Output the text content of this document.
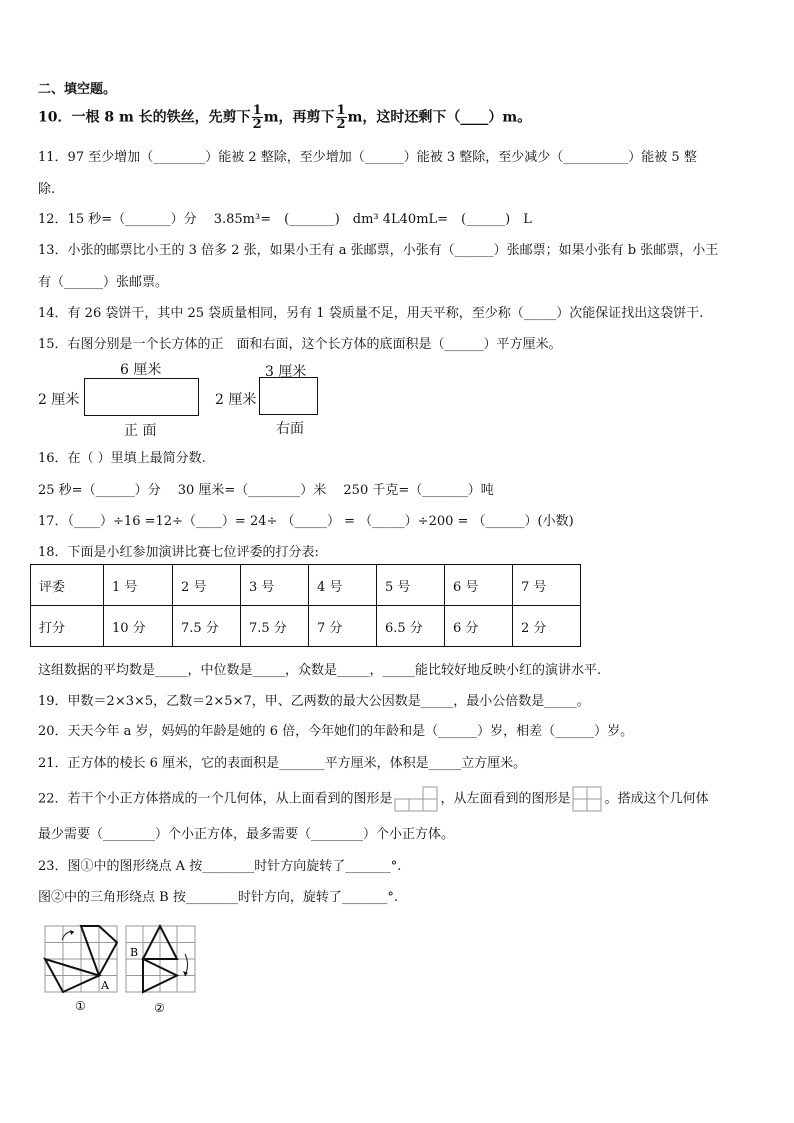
二、填空题。
10．一根 8 m 长的铁丝，先剪下 $\frac{1}{2}$ m，再剪下 $\frac{1}{2}$ m，这时还剩下（____）m。
11．97 至少增加（________）能被 2 整除，至少增加（______）能被 3 整除，至少减少（__________）能被 5 整
除.
12．15 秒=（_______）分　 3.85m³=　(_______)　dm³ 4L40mL=　(______)　L
13．小张的邮票比小王的 3 倍多 2 张，如果小王有 a 张邮票，小张有（______）张邮票；如果小张有 b 张邮票，小王
有（______）张邮票。
14．有 26 袋饼干，其中 25 袋质量相同，另有 1 袋质量不足，用天平称，至少称（_____）次能保证找出这袋饼干.
15．右图分别是一个长方体的正　面和右面，这个长方体的底面积是（______）平方厘米。
6 厘米
2 厘米
正 面
3 厘米
2 厘米
右面
16．在（ ）里填上最简分数.
25 秒=（______）分　 30 厘米=（________）米　 250 千克=（_______）吨
17．（____）÷16 =12÷（____）= 24÷ （_____） = （_____）÷200 = （______）(小数)
18．下面是小红参加演讲比赛七位评委的打分表:
评委	1 号	2 号	3 号	4 号	5 号	6 号	7 号
打分	10 分	7.5 分	7.5 分	7 分	6.5 分	6 分	2 分
这组数据的平均数是_____，中位数是_____，众数是_____，_____能比较好地反映小红的演讲水平.
19．甲数＝2×3×5，乙数＝2×5×7，甲、乙两数的最大公因数是_____，最小公倍数是_____。
20．天天今年 a 岁，妈妈的年龄是她的 6 倍，今年她们的年龄和是（______）岁，相差（______）岁。
21．正方体的棱长 6 厘米，它的表面积是_______平方厘米，体积是_____立方厘米。
22．若干个小正方体搭成的一个几何体，从上面看到的图形是	，从左面看到的图形是	。搭成这个几何体
最少需要（________）个小正方体，最多需要（________）个小正方体。
23．图①中的图形绕点 A 按________时针方向旋转了_______°.
图②中的三角形绕点 B 按________时针方向，旋转了_______°.
A
①
B
②
